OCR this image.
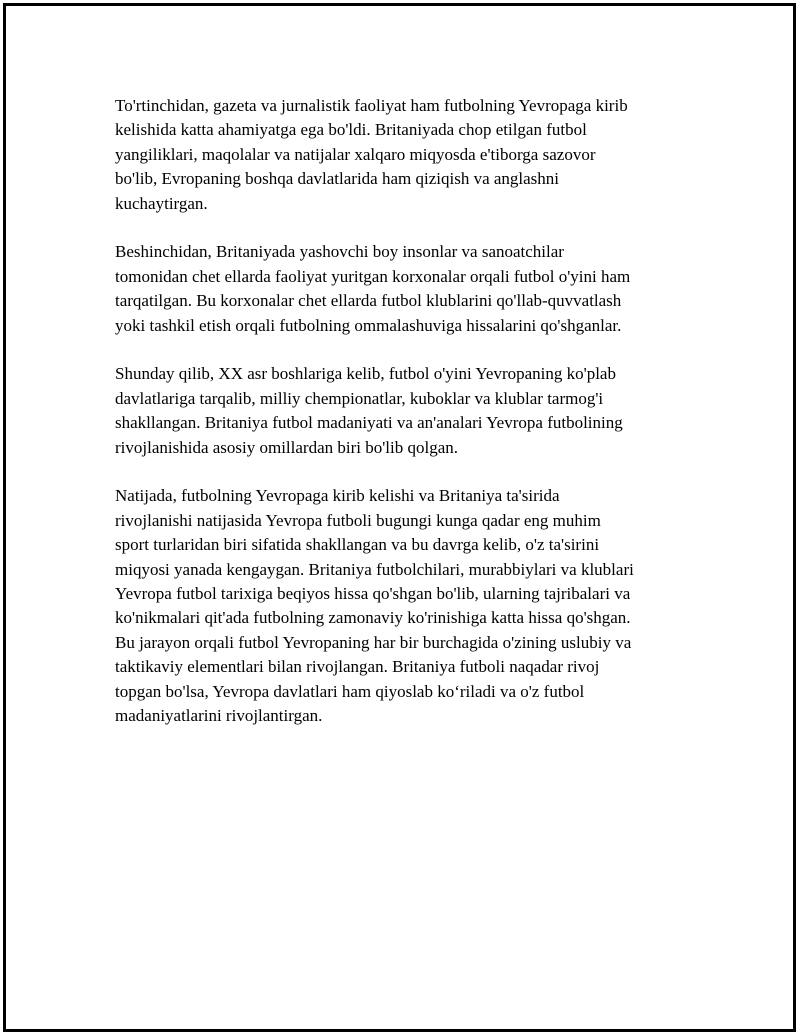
To'rtinchidan, gazeta va jurnalistik faoliyat ham futbolning Yevropaga kirib
kelishida katta ahamiyatga ega bo'ldi. Britaniyada chop etilgan futbol
yangiliklari, maqolalar va natijalar xalqaro miqyosda e'tiborga sazovor
bo'lib, Evropaning boshqa davlatlarida ham qiziqish va anglashni
kuchaytirgan.

Beshinchidan, Britaniyada yashovchi boy insonlar va sanoatchilar
tomonidan chet ellarda faoliyat yuritgan korxonalar orqali futbol o'yini ham
tarqatilgan. Bu korxonalar chet ellarda futbol klublarini qo'llab-quvvatlash
yoki tashkil etish orqali futbolning ommalashuviga hissalarini qo'shganlar.

Shunday qilib, XX asr boshlariga kelib, futbol o'yini Yevropaning ko'plab
davlatlariga tarqalib, milliy chempionatlar, kuboklar va klublar tarmog'i
shakllangan. Britaniya futbol madaniyati va an'analari Yevropa futbolining
rivojlanishida asosiy omillardan biri bo'lib qolgan.

Natijada, futbolning Yevropaga kirib kelishi va Britaniya ta'sirida
rivojlanishi natijasida Yevropa futboli bugungi kunga qadar eng muhim
sport turlaridan biri sifatida shakllangan va bu davrga kelib, o'z ta'sirini
miqyosi yanada kengaygan. Britaniya futbolchilari, murabbiylari va klublari
Yevropa futbol tarixiga beqiyos hissa qo'shgan bo'lib, ularning tajribalari va
ko'nikmalari qit'ada futbolning zamonaviy ko'rinishiga katta hissa qo'shgan.
Bu jarayon orqali futbol Yevropaning har bir burchagida o'zining uslubiy va
taktikaviy elementlari bilan rivojlangan. Britaniya futboli naqadar rivoj
topgan bo'lsa, Yevropa davlatlari ham qiyoslab ko‘riladi va o'z futbol
madaniyatlarini rivojlantirgan.
